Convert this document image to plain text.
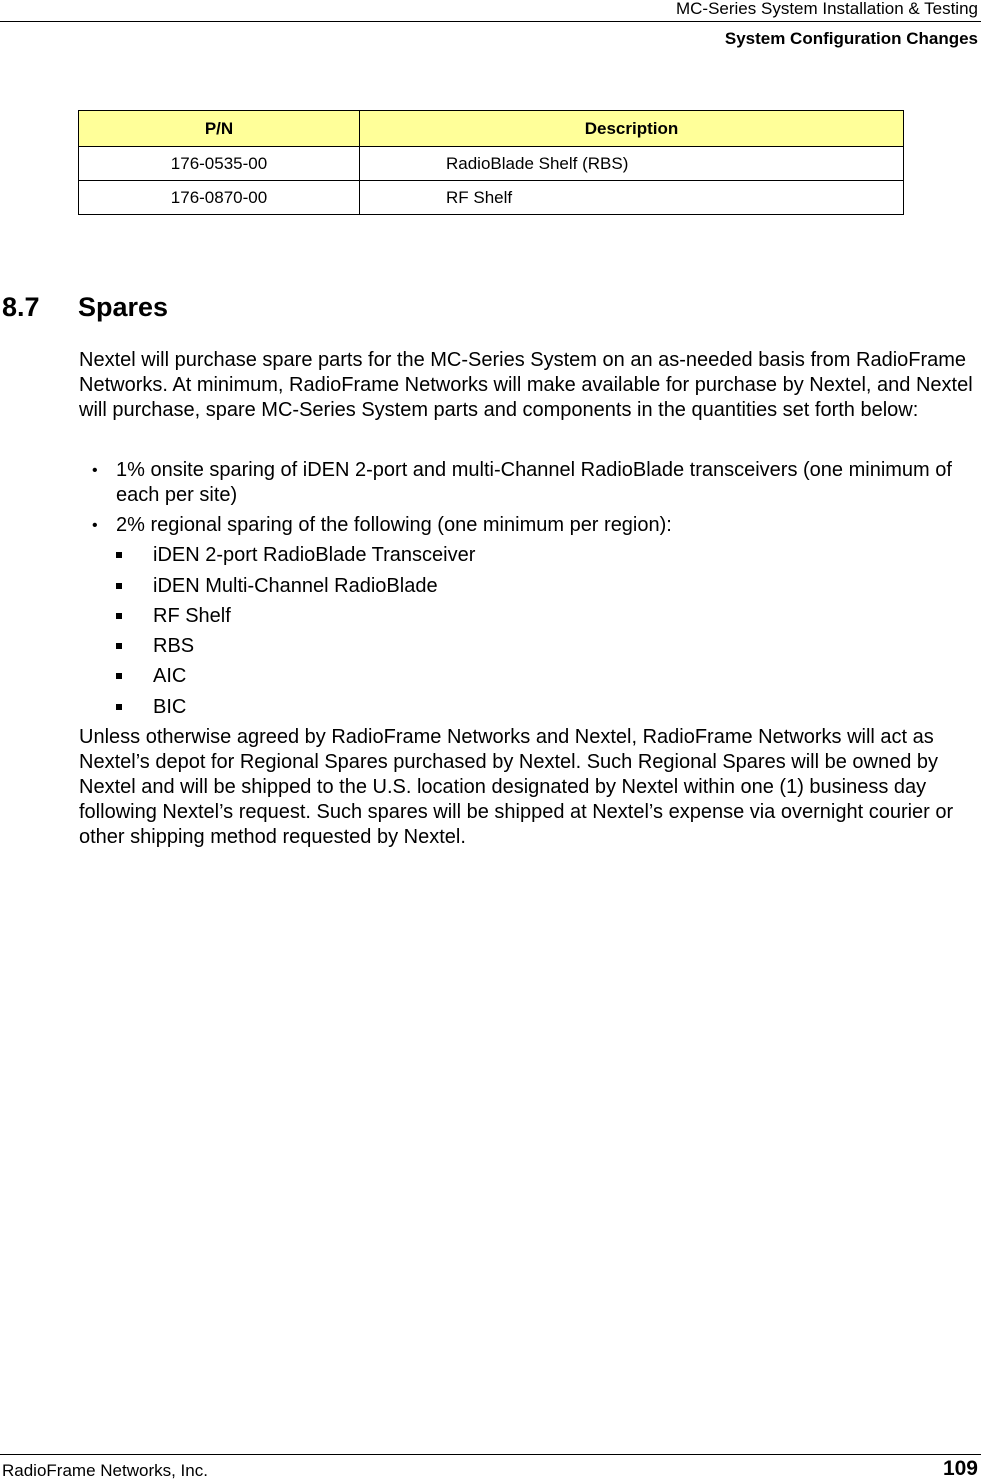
MC-Series System Installation & Testing
System Configuration Changes
P/N	Description
176-0535-00	RadioBlade Shelf (RBS)
176-0870-00	RF Shelf
8.7 Spares

Nextel will purchase spare parts for the MC-Series System on an as-needed basis from RadioFrame Networks. At minimum, RadioFrame Networks will make available for purchase by Nextel, and Nextel will purchase, spare MC-Series System parts and components in the quantities set forth below:

• 1% onsite sparing of iDEN 2-port and multi-Channel RadioBlade transceivers (one minimum of each per site)
• 2% regional sparing of the following (one minimum per region):
iDEN 2-port RadioBlade Transceiver
iDEN Multi-Channel RadioBlade
RF Shelf
RBS
AIC
BIC

Unless otherwise agreed by RadioFrame Networks and Nextel, RadioFrame Networks will act as Nextel’s depot for Regional Spares purchased by Nextel. Such Regional Spares will be owned by Nextel and will be shipped to the U.S. location designated by Nextel within one (1) business day following Nextel’s request. Such spares will be shipped at Nextel’s expense via overnight courier or other shipping method requested by Nextel.

RadioFrame Networks, Inc.	109
